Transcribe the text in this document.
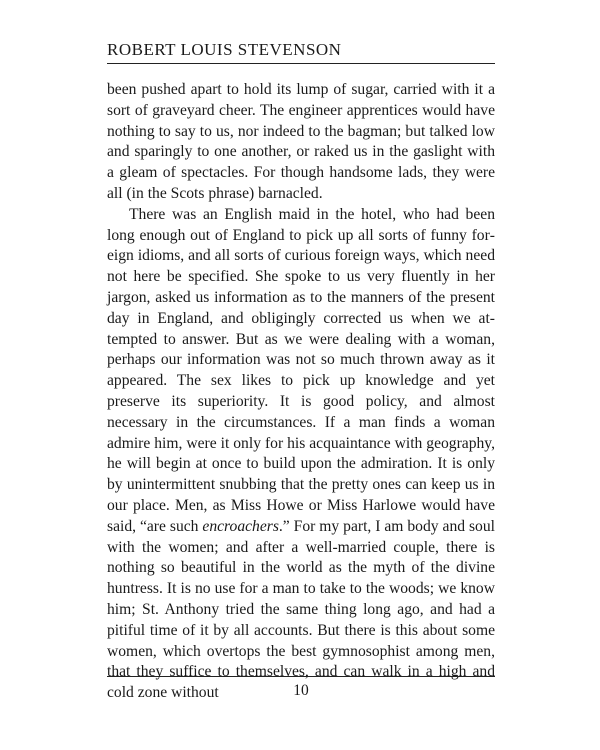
ROBERT LOUIS STEVENSON

been pushed apart to hold its lump of sugar, carried with it a sort of graveyard cheer. The engineer apprentices would have nothing to say to us, nor indeed to the bagman; but talked low and sparingly to one another, or raked us in the gaslight with a gleam of spectacles. For though handsome lads, they were all (in the Scots phrase) barnacled.

There was an English maid in the hotel, who had been long enough out of England to pick up all sorts of funny foreign idioms, and all sorts of curious foreign ways, which need not here be specified. She spoke to us very fluently in her jargon, asked us information as to the manners of the present day in England, and obligingly corrected us when we attempted to answer. But as we were dealing with a woman, perhaps our information was not so much thrown away as it appeared. The sex likes to pick up knowledge and yet preserve its superiority. It is good policy, and almost necessary in the circumstances. If a man finds a woman admire him, were it only for his acquaintance with geography, he will begin at once to build upon the admiration. It is only by unintermittent snubbing that the pretty ones can keep us in our place. Men, as Miss Howe or Miss Harlowe would have said, “are such encroachers.” For my part, I am body and soul with the women; and after a well-married couple, there is nothing so beautiful in the world as the myth of the divine huntress. It is no use for a man to take to the woods; we know him; St. Anthony tried the same thing long ago, and had a pitiful time of it by all accounts. But there is this about some women, which overtops the best gymnosophist among men, that they suffice to themselves, and can walk in a high and cold zone without	10
